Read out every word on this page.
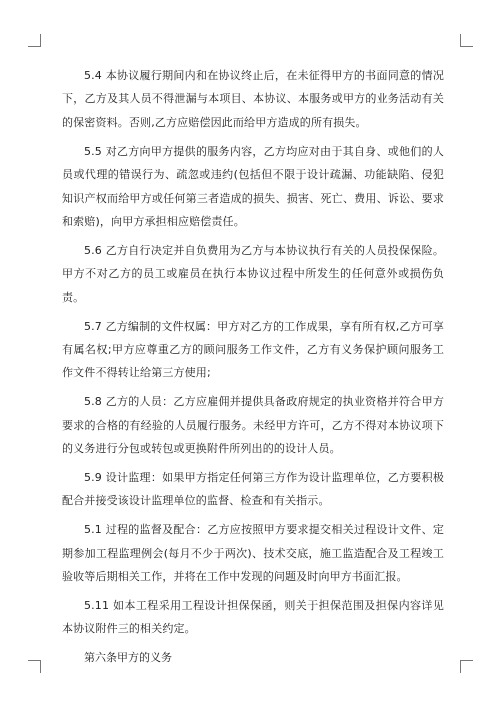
5.4 本协议履行期间内和在协议终止后，在未征得甲方的书面同意的情况下，乙方及其人员不得泄漏与本项目、本协议、本服务或甲方的业务活动有关的保密资料。否则,乙方应赔偿因此而给甲方造成的所有损失。

5.5 对乙方向甲方提供的服务内容，乙方均应对由于其自身、或他们的人员或代理的错误行为、疏忽或违约(包括但不限于设计疏漏、功能缺陷、侵犯知识产权而给甲方或任何第三者造成的损失、损害、死亡、费用、诉讼、要求和索赔)，向甲方承担相应赔偿责任。

5.6 乙方自行决定并自负费用为乙方与本协议执行有关的人员投保保险。甲方不对乙方的员工或雇员在执行本协议过程中所发生的任何意外或损伤负责。

5.7 乙方编制的文件权属：甲方对乙方的工作成果，享有所有权,乙方可享有属名权;甲方应尊重乙方的顾问服务工作文件，乙方有义务保护顾问服务工作文件不得转让给第三方使用;

5.8 乙方的人员：乙方应雇佣并提供具备政府规定的执业资格并符合甲方要求的合格的有经验的人员履行服务。未经甲方许可，乙方不得对本协议项下的义务进行分包或转包或更换附件所列出的的设计人员。

5.9 设计监理：如果甲方指定任何第三方作为设计监理单位，乙方要积极配合并接受该设计监理单位的监督、检查和有关指示。

5.1 过程的监督及配合：乙方应按照甲方要求提交相关过程设计文件、定期参加工程监理例会(每月不少于两次)、技术交底，施工监造配合及工程竣工验收等后期相关工作，并将在工作中发现的问题及时向甲方书面汇报。

5.11 如本工程采用工程设计担保保函，则关于担保范围及担保内容详见本协议附件三的相关约定。

第六条甲方的义务
